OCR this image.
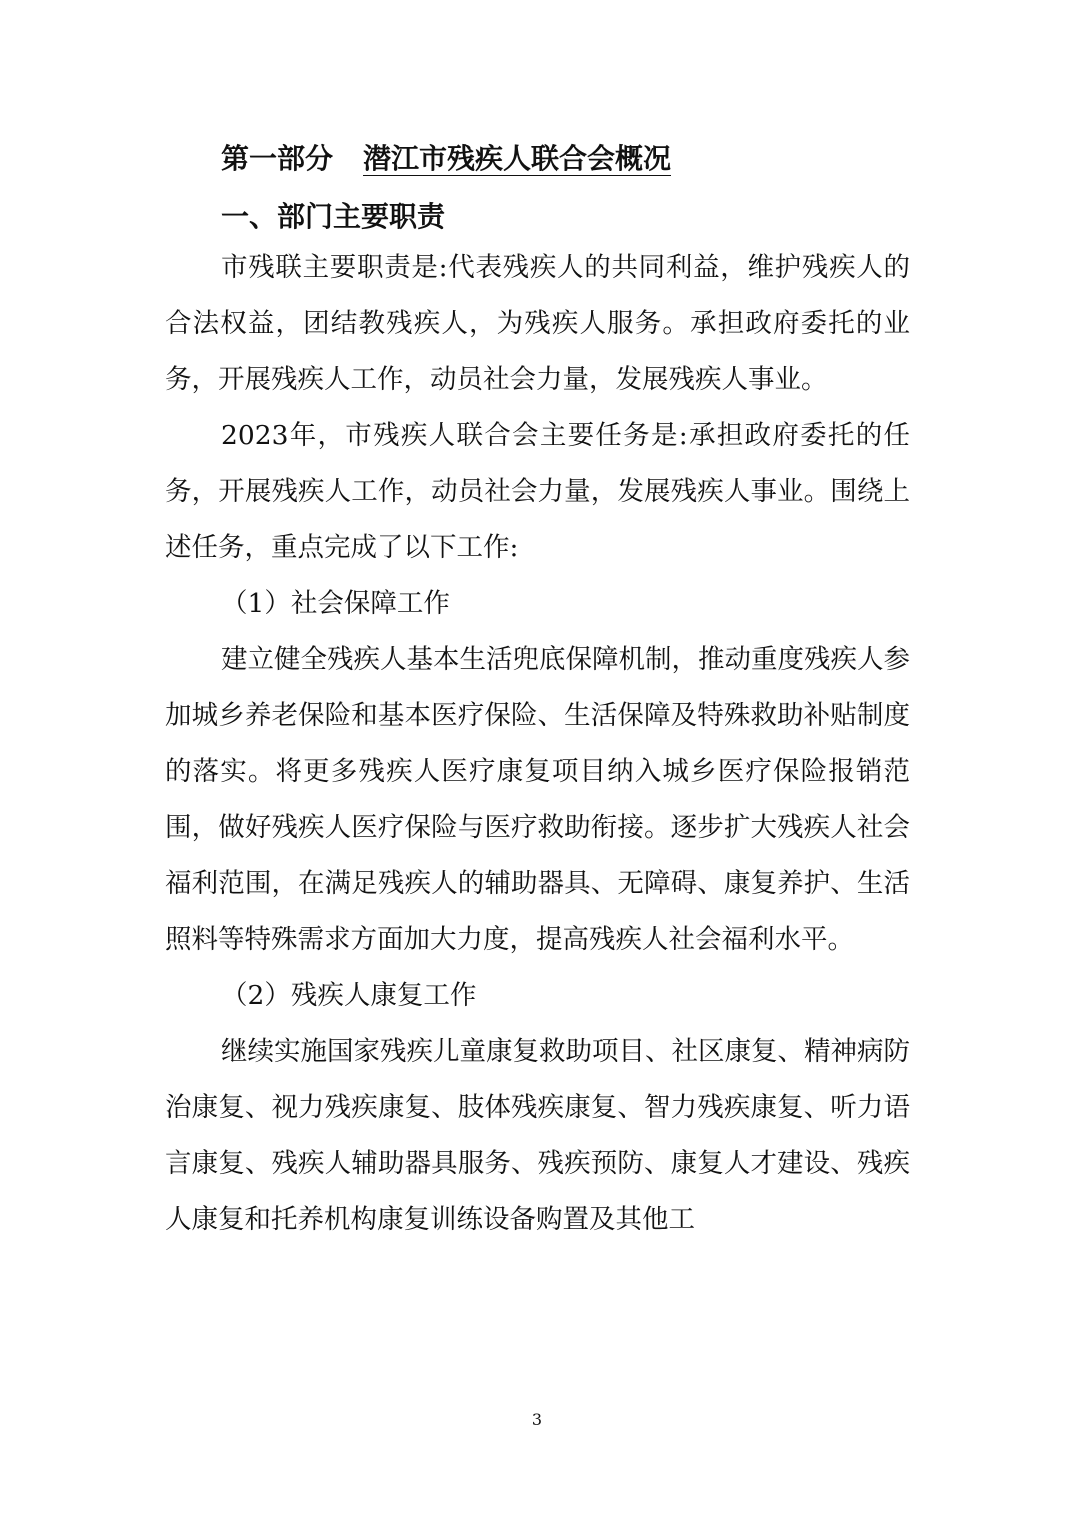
第一部分 潜江市残疾人联合会概况
一、部门主要职责

市残联主要职责是:代表残疾人的共同利益，维护残疾人的合法权益，团结教残疾人，为残疾人服务。承担政府委托的业务，开展残疾人工作，动员社会力量，发展残疾人事业。

2023年，市残疾人联合会主要任务是:承担政府委托的任务，开展残疾人工作，动员社会力量，发展残疾人事业。围绕上述任务，重点完成了以下工作:

（1）社会保障工作

建立健全残疾人基本生活兜底保障机制，推动重度残疾人参加城乡养老保险和基本医疗保险、生活保障及特殊救助补贴制度的落实。将更多残疾人医疗康复项目纳入城乡医疗保险报销范围，做好残疾人医疗保险与医疗救助衔接。逐步扩大残疾人社会福利范围，在满足残疾人的辅助器具、无障碍、康复养护、生活照料等特殊需求方面加大力度，提高残疾人社会福利水平。

（2）残疾人康复工作

继续实施国家残疾儿童康复救助项目、社区康复、精神病防治康复、视力残疾康复、肢体残疾康复、智力残疾康复、听力语言康复、残疾人辅助器具服务、残疾预防、康复人才建设、残疾人康复和托养机构康复训练设备购置及其他工

3
